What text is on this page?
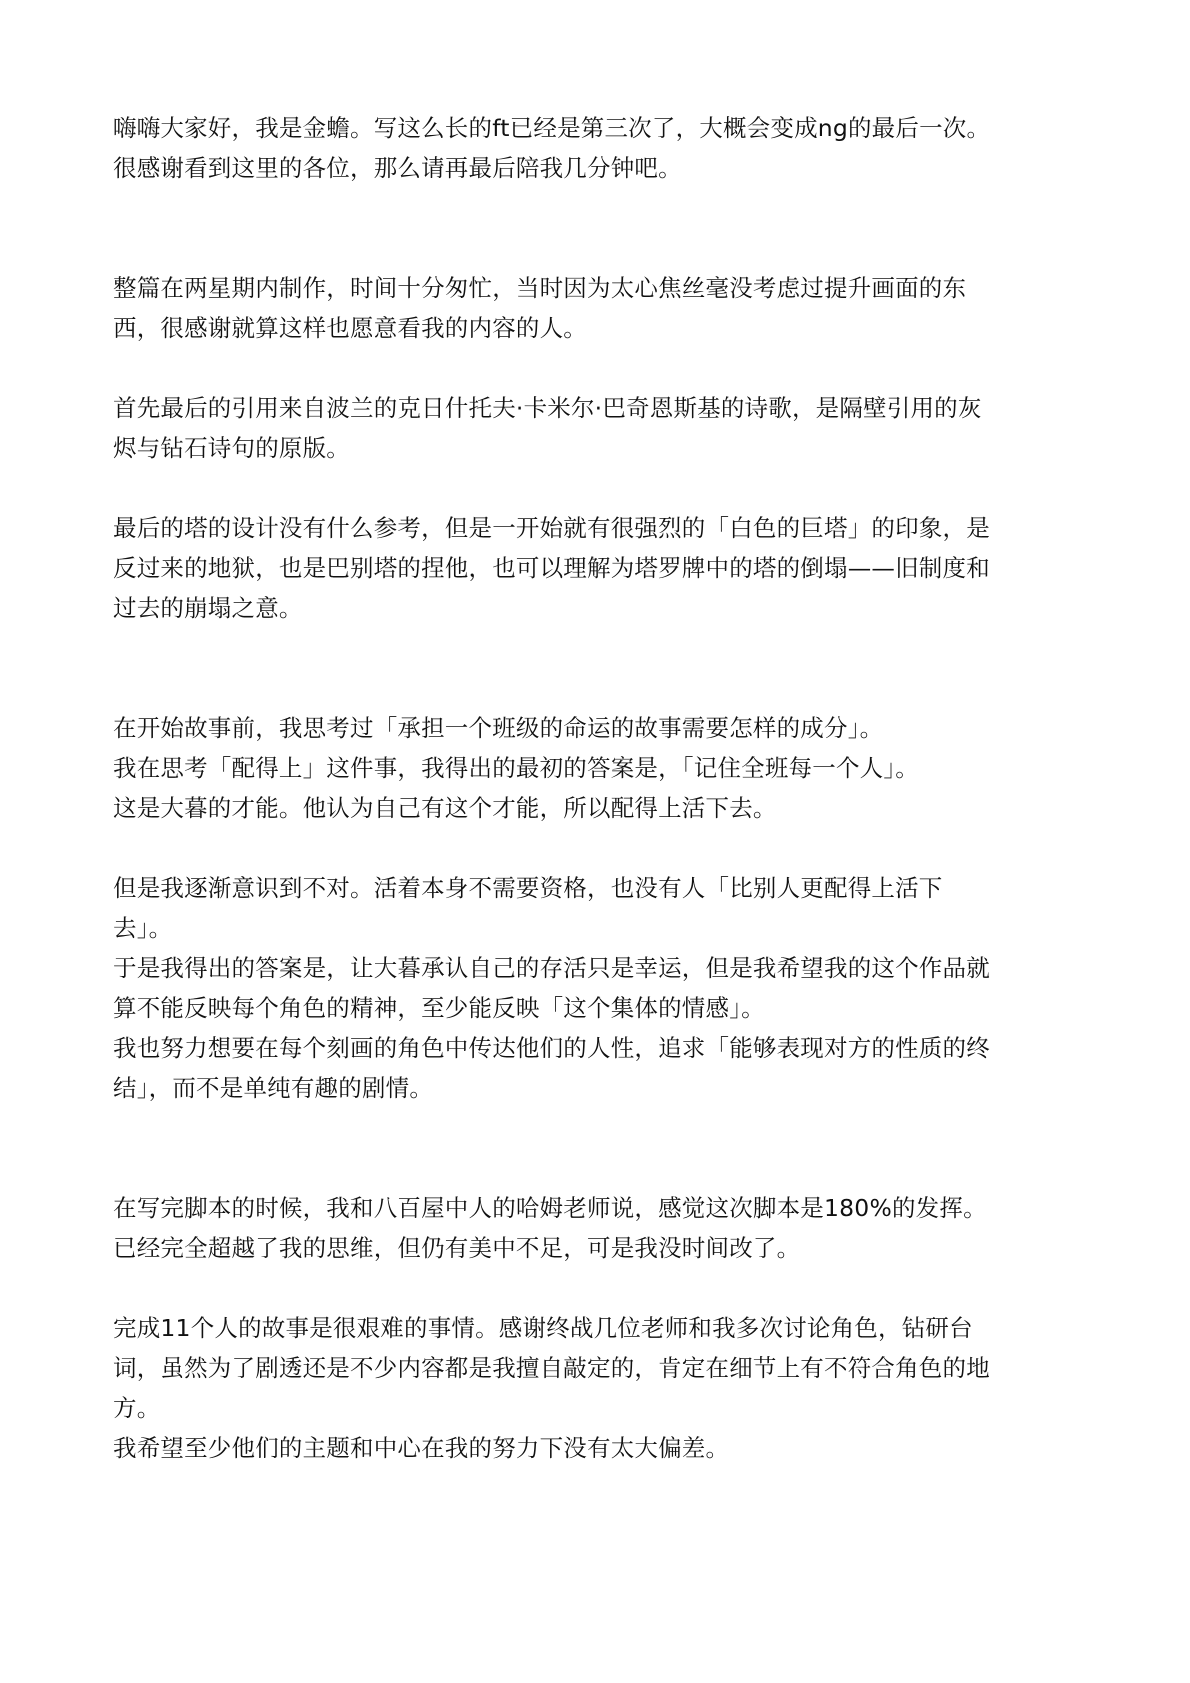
嗨嗨大家好，我是金蟾。写这么长的ft已经是第三次了，大概会变成ng的最后一次。
很感谢看到这里的各位，那么请再最后陪我几分钟吧。
整篇在两星期内制作，时间十分匆忙，当时因为太心焦丝毫没考虑过提升画面的东
西，很感谢就算这样也愿意看我的内容的人。
首先最后的引用来自波兰的克日什托夫·卡米尔·巴奇恩斯基的诗歌，是隔壁引用的灰
烬与钻石诗句的原版。
最后的塔的设计没有什么参考，但是一开始就有很强烈的「白色的巨塔」的印象，是
反过来的地狱，也是巴别塔的捏他，也可以理解为塔罗牌中的塔的倒塌——旧制度和
过去的崩塌之意。
在开始故事前，我思考过「承担一个班级的命运的故事需要怎样的成分」。
我在思考「配得上」这件事，我得出的最初的答案是，「记住全班每一个人」。
这是大暮的才能。他认为自己有这个才能，所以配得上活下去。
但是我逐渐意识到不对。活着本身不需要资格，也没有人「比别人更配得上活下
去」。
于是我得出的答案是，让大暮承认自己的存活只是幸运，但是我希望我的这个作品就
算不能反映每个角色的精神，至少能反映「这个集体的情感」。
我也努力想要在每个刻画的角色中传达他们的人性，追求「能够表现对方的性质的终
结」，而不是单纯有趣的剧情。
在写完脚本的时候，我和八百屋中人的哈姆老师说，感觉这次脚本是180%的发挥。
已经完全超越了我的思维，但仍有美中不足，可是我没时间改了。
完成11个人的故事是很艰难的事情。感谢终战几位老师和我多次讨论角色，钻研台
词，虽然为了剧透还是不少内容都是我擅自敲定的，肯定在细节上有不符合角色的地
方。
我希望至少他们的主题和中心在我的努力下没有太大偏差。
